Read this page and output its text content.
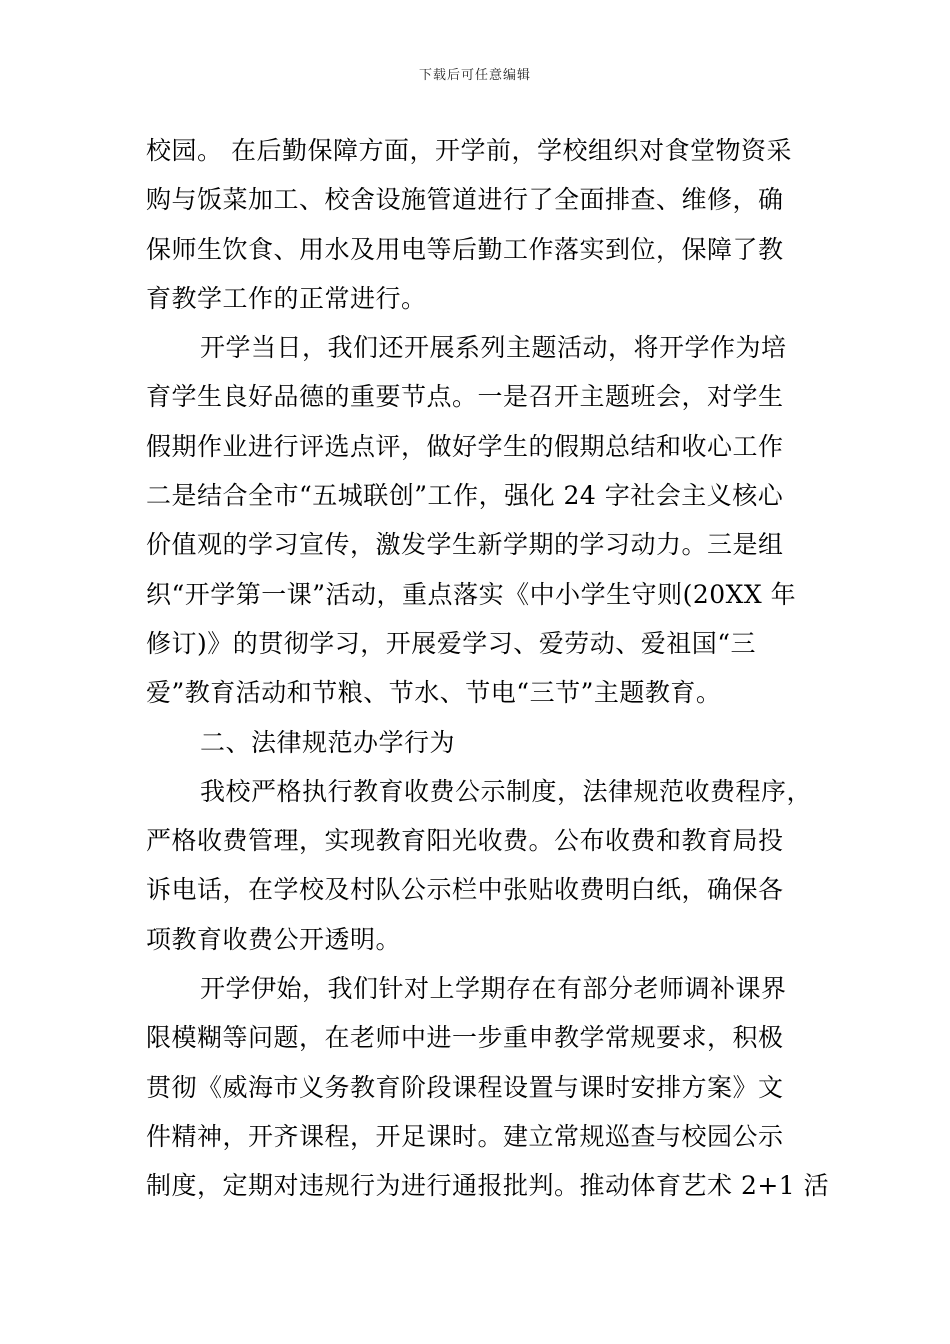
下载后可任意编辑
校园。 在后勤保障方面，开学前，学校组织对食堂物资采
购与饭菜加工、校舍设施管道进行了全面排查、维修，确
保师生饮食、用水及用电等后勤工作落实到位，保障了教
育教学工作的正常进行。
开学当日，我们还开展系列主题活动，将开学作为培
育学生良好品德的重要节点。一是召开主题班会，对学生
假期作业进行评选点评，做好学生的假期总结和收心工作
二是结合全市“五城联创”工作，强化 24 字社会主义核心
价值观的学习宣传，激发学生新学期的学习动力。三是组
织“开学第一课”活动，重点落实《中小学生守则(20XX 年
修订)》的贯彻学习，开展爱学习、爱劳动、爱祖国“三
爱”教育活动和节粮、节水、节电“三节”主题教育。
二、法律规范办学行为
我校严格执行教育收费公示制度，法律规范收费程序，
严格收费管理，实现教育阳光收费。公布收费和教育局投
诉电话，在学校及村队公示栏中张贴收费明白纸，确保各
项教育收费公开透明。
开学伊始，我们针对上学期存在有部分老师调补课界
限模糊等问题，在老师中进一步重申教学常规要求，积极
贯彻《威海市义务教育阶段课程设置与课时安排方案》文
件精神，开齐课程，开足课时。建立常规巡查与校园公示
制度，定期对违规行为进行通报批判。推动体育艺术 2+1 活
